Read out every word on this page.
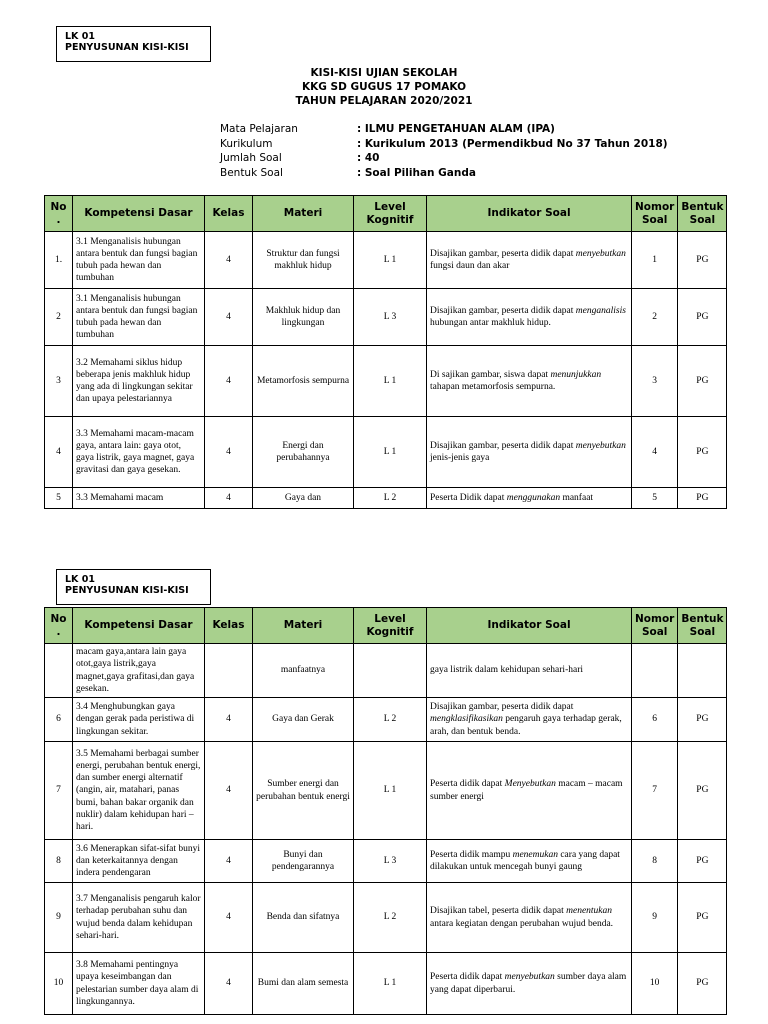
LK 01
PENYUSUNAN KISI-KISI
KISI-KISI UJIAN SEKOLAH
KKG SD GUGUS 17 POMAKO
TAHUN PELAJARAN 2020/2021
Mata Pelajaran	: ILMU PENGETAHUAN ALAM (IPA)
Kurikulum	: Kurikulum 2013 (Permendikbud No 37 Tahun 2018)
Jumlah Soal	: 40
Bentuk Soal	: Soal Pilihan Ganda
No .	Kompetensi Dasar	Kelas	Materi	Level Kognitif	Indikator Soal	Nomor Soal	Bentuk Soal
1.	3.1 Menganalisis hubungan antara bentuk dan fungsi bagian tubuh pada hewan dan tumbuhan	4	Struktur dan fungsi makhluk hidup	L 1	Disajikan gambar, peserta didik dapat menyebutkan fungsi daun dan akar	1	PG
2	3.1 Menganalisis hubungan antara bentuk dan fungsi bagian tubuh pada hewan dan tumbuhan	4	Makhluk hidup dan lingkungan	L 3	Disajikan gambar, peserta didik dapat menganalisis hubungan antar makhluk hidup.	2	PG
3	3.2 Memahami siklus hidup beberapa jenis makhluk hidup yang ada di lingkungan sekitar dan upaya pelestariannya	4	Metamorfosis sempurna	L 1	Di sajikan gambar, siswa dapat menunjukkan tahapan metamorfosis sempurna.	3	PG
4	3.3 Memahami macam-macam gaya, antara lain: gaya otot, gaya listrik, gaya magnet, gaya gravitasi dan gaya gesekan.	4	Energi dan perubahannya	L 1	Disajikan gambar, peserta didik dapat menyebutkan jenis-jenis gaya	4	PG
5	3.3 Memahami macam	4	Gaya dan	L 2	Peserta Didik dapat menggunakan manfaat	5	PG
LK 01
PENYUSUNAN KISI-KISI
No .	Kompetensi Dasar	Kelas	Materi	Level Kognitif	Indikator Soal	Nomor Soal	Bentuk Soal
	macam gaya,antara lain gaya otot,gaya listrik,gaya magnet,gaya grafitasi,dan gaya gesekan.		manfaatnya		gaya listrik dalam kehidupan sehari-hari		
6	3.4 Menghubungkan gaya dengan gerak pada peristiwa di lingkungan sekitar.	4	Gaya dan Gerak	L 2	Disajikan gambar, peserta didik dapat mengklasifikasikan pengaruh gaya terhadap gerak, arah, dan bentuk benda.	6	PG
7	3.5 Memahami berbagai sumber energi, perubahan bentuk energi, dan sumber energi alternatif (angin, air, matahari, panas bumi, bahan bakar organik dan nuklir) dalam kehidupan hari – hari.	4	Sumber energi dan perubahan bentuk energi	L 1	Peserta didik dapat Menyebutkan macam – macam sumber energi	7	PG
8	3.6 Menerapkan sifat-sifat bunyi dan keterkaitannya dengan indera pendengaran	4	Bunyi dan pendengarannya	L 3	Peserta didik mampu menemukan cara yang dapat dilakukan untuk mencegah bunyi gaung	8	PG
9	3.7 Menganalisis pengaruh kalor terhadap perubahan suhu dan wujud benda dalam kehidupan sehari-hari.	4	Benda dan sifatnya	L 2	Disajikan tabel, peserta didik dapat menentukan antara kegiatan dengan perubahan wujud benda.	9	PG
10	3.8 Memahami pentingnya upaya keseimbangan dan pelestarian sumber daya alam di lingkungannya.	4	Bumi dan alam semesta	L 1	Peserta didik dapat menyebutkan sumber daya alam yang dapat diperbarui.	10	PG
